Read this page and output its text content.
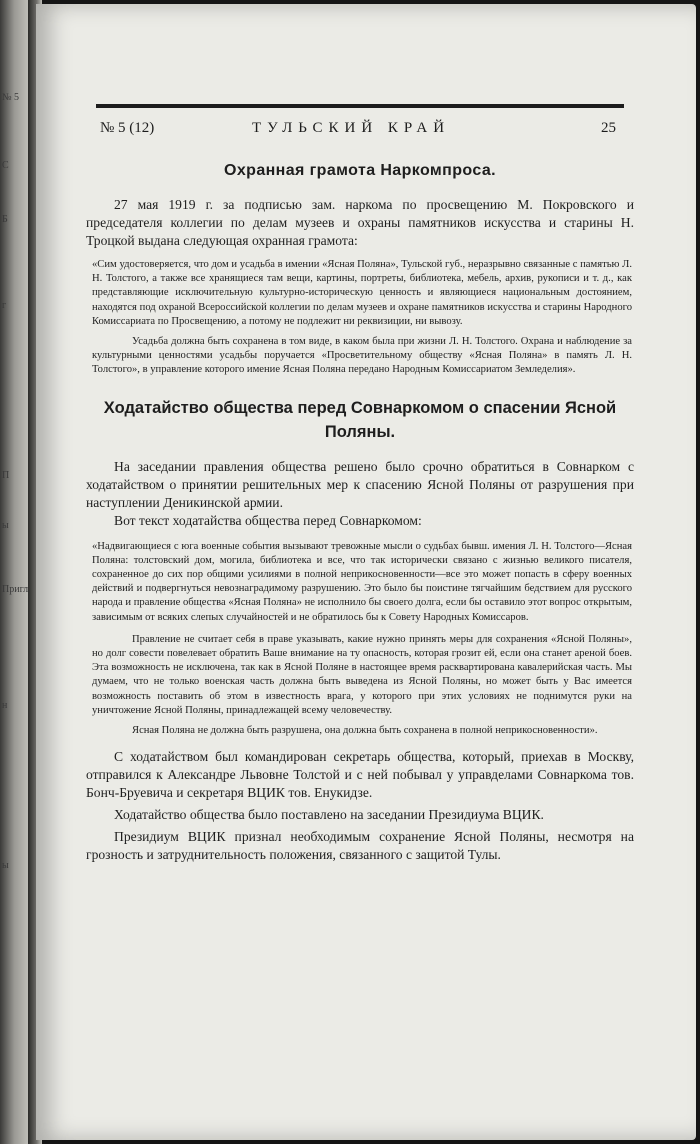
№ 5
С
Б
г
П
ы
Пригл
н
ы
№ 5 (12)	ТУЛЬСКИЙ КРАЙ	25
Охранная грамота Наркомпроса.

27 мая 1919 г. за подписью зам. наркома по просвещению М. Покровского и председателя коллегии по делам музеев и охраны памятников искусства и старины Н. Троцкой выдана следующая охранная грамота:

«Сим удостоверяется, что дом и усадьба в имении «Ясная Поляна», Тульской губ., неразрывно связанные с памятью Л. Н. Толстого, а также все хранящиеся там вещи, картины, портреты, библиотека, мебель, архив, рукописи и т. д., как представляющие исключительную культурно-историческую ценность и являющиеся национальным достоянием, находятся под охраной Всероссийской коллегии по делам музеев и охране памятников искусства и старины Народного Комиссариата по Просвещению, а потому не подлежит ни реквизиции, ни вывозу.

Усадьба должна быть сохранена в том виде, в каком была при жизни Л. Н. Толстого. Охрана и наблюдение за культурными ценностями усадьбы поручается «Просветительному обществу «Ясная Поляна» в память Л. Н. Толстого», в управление которого имение Ясная Поляна передано Народным Комиссариатом Земледелия».

Ходатайство общества перед Совнаркомом о спасении Ясной Поляны.

На заседании правления общества решено было срочно обратиться в Совнарком с ходатайством о принятии решительных мер к спасению Ясной Поляны от разрушения при наступлении Деникинской армии.

Вот текст ходатайства общества перед Совнаркомом:

«Надвигающиеся с юга военные события вызывают тревожные мысли о судьбах бывш. имения Л. Н. Толстого—Ясная Поляна: толстовский дом, могила, библиотека и все, что так исторически связано с жизнью великого писателя, сохраненное до сих пор общими усилиями в полной неприкосновенности—все это может попасть в сферу военных действий и подвергнуться невознаградимому разрушению. Это было бы поистине тягчайшим бедствием для русского народа и правление общества «Ясная Поляна» не исполнило бы своего долга, если бы оставило этот вопрос открытым, зависимым от всяких слепых случайностей и не обратилось бы к Совету Народных Комиссаров.

Правление не считает себя в праве указывать, какие нужно принять меры для сохранения «Ясной Поляны», но долг совести повелевает обратить Ваше внимание на ту опасность, которая грозит ей, если она станет ареной боев. Эта возможность не исключена, так как в Ясной Поляне в настоящее время расквартирована кавалерийская часть. Мы думаем, что не только военская часть должна быть выведена из Ясной Поляны, но может быть у Вас имеется возможность поставить об этом в известность врага, у которого при этих условиях не поднимутся руки на уничтожение Ясной Поляны, принадлежащей всему человечеству.

Ясная Поляна не должна быть разрушена, она должна быть сохранена в полной неприкосновенности».

С ходатайством был командирован секретарь общества, который, приехав в Москву, отправился к Александре Львовне Толстой и с ней побывал у управделами Совнаркома тов. Бонч-Бруевича и секретаря ВЦИК тов. Енукидзе.

Ходатайство общества было поставлено на заседании Президиума ВЦИК.

Президиум ВЦИК признал необходимым сохранение Ясной Поляны, несмотря на грозность и затруднительность положения, связанного с защитой Тулы.
